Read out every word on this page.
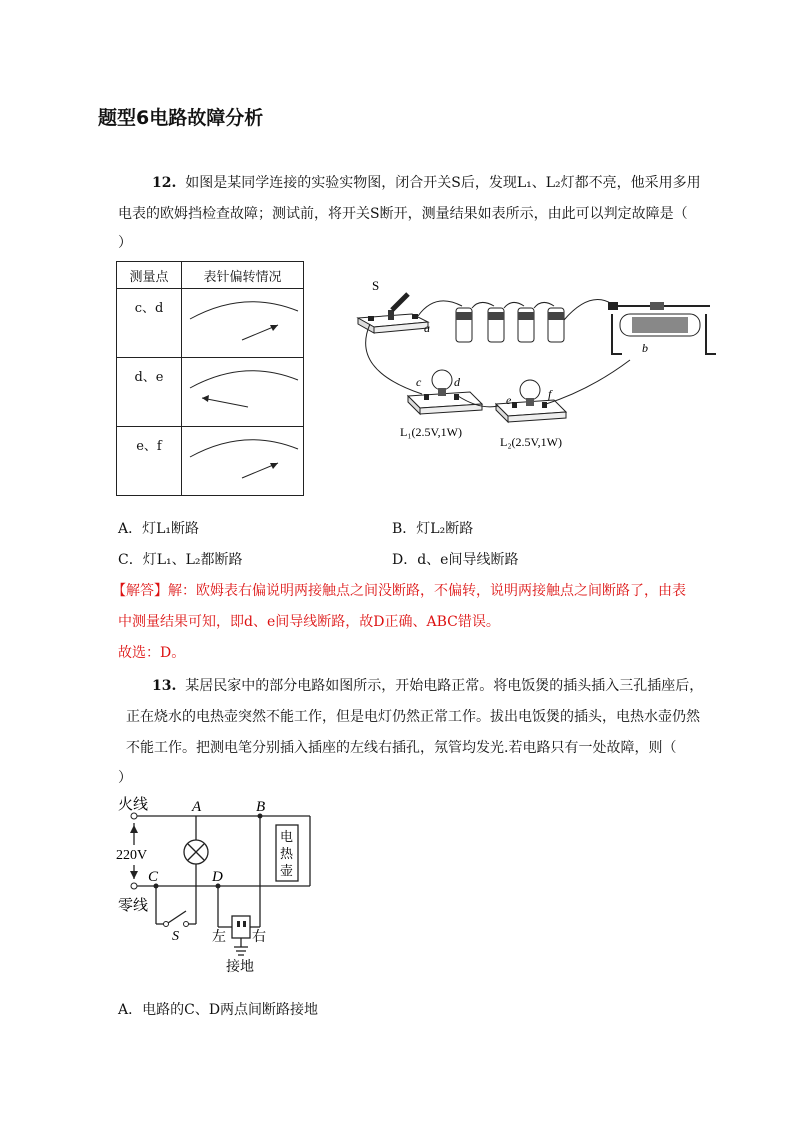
题型6电路故障分析
12. 如图是某同学连接的实验实物图，闭合开关S后，发现L₁、L₂灯都不亮，他采用多用
电表的欧姆挡检查故障；测试前，将开关S断开，测量结果如表所示，由此可以判定故障是（
）
测量点	表针偏转情况
c、d	
d、e	
e、f	
S
a
b
c	d
L₁(2.5V,1W)
e	f
L₂(2.5V,1W)
A．灯L₁断路	B．灯L₂断路
C．灯L₁、L₂都断路	D．d、e间导线断路
【解答】解：欧姆表右偏说明两接触点之间没断路，不偏转，说明两接触点之间断路了，由表
中测量结果可知，即d、e间导线断路，故D正确、ABC错误。
故选：D。
13. 某居民家中的部分电路如图所示，开始电路正常。将电饭煲的插头插入三孔插座后，
正在烧水的电热壶突然不能工作，但是电灯仍然正常工作。拔出电饭煲的插头，电热水壶仍然
不能工作。把测电笔分别插入插座的左线右插孔，氖管均发光.若电路只有一处故障，则（
）
火线
220V
零线
A	B
C	D
S
电
热
壶
左 右
接地
A．电路的C、D两点间断路接地
